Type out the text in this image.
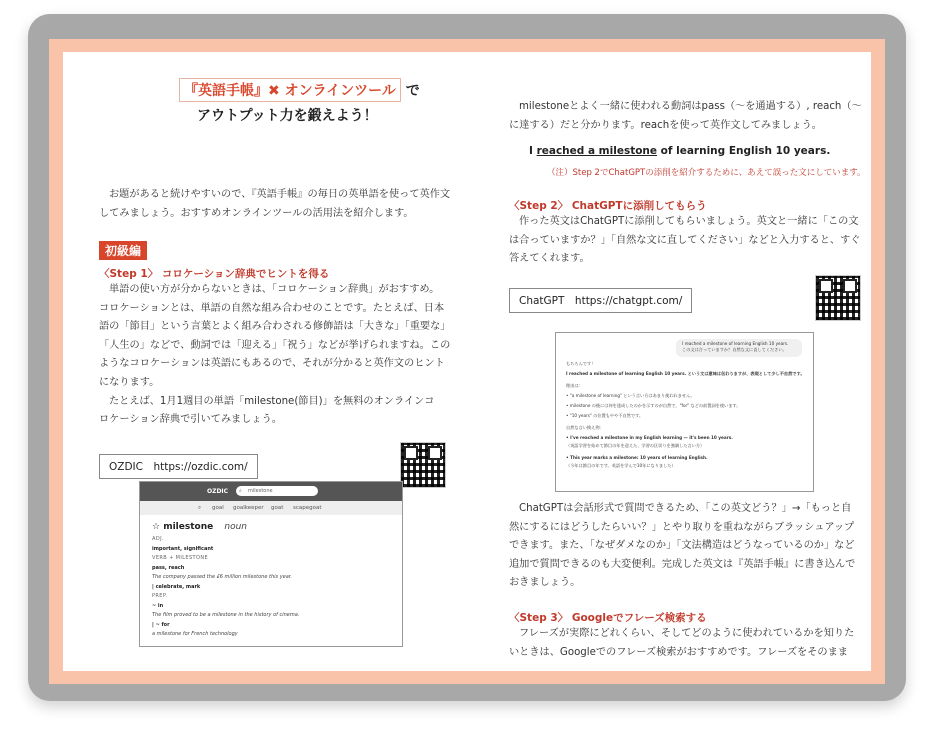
『英語手帳』✖ オンラインツール で
アウトプット力を鍛えよう！
お題があると続けやすいので、『英語手帳』の毎日の英単語を使って英作文
してみましょう。おすすめオンラインツールの活用法を紹介します。
初級編
〈Step 1〉 コロケーション辞典でヒントを得る
単語の使い方が分からないときは、「コロケーション辞典」がおすすめ。
コロケーションとは、単語の自然な組み合わせのことです。たとえば、日本
語の「節目」という言葉とよく組み合わされる修飾語は「大きな」「重要な」
「人生の」などで、動詞では「迎える」「祝う」などが挙げられますね。この
ようなコロケーションは英語にもあるので、それが分かると英作文のヒント
になります。
たとえば、1月1週目の単語「milestone(節目)」を無料のオンラインコ
ロケーション辞典で引いてみましょう。
OZDIC　https://ozdic.com/
OZDIC ⌕ milestone
⌕ goal goalkeeper goat scapegoat
☆ milestone noun
ADJ.
important, significant
VERB + MILESTONE
pass, reach
The company passed the £6 million milestone this year.
| celebrate, mark
PREP.
~ in
The film proved to be a milestone in the history of cinema.
| ~ for
a milestone for French technology
milestoneとよく一緒に使われる動詞はpass（〜を通過する）, reach（〜
に達する）だと分かります。reachを使って英作文してみましょう。
I reached a milestone of learning English 10 years.
（注）Step 2でChatGPTの添削を紹介するために、あえて誤った文にしています。
〈Step 2〉 ChatGPTに添削してもらう
作った英文はChatGPTに添削してもらいましょう。英文と一緒に「この文
は合っていますか？」「自然な文に直してください」などと入力すると、すぐ
答えてくれます。
ChatGPT　https://chatgpt.com/
I reached a milestone of learning English 10 years.
この文は合っていますか？自然な文に直してください。
もちろんです！
I reached a milestone of learning English 10 years. という文は意味は伝わりますが、表現として少し不自然です。
理由は：
• "a milestone of learning" という言い方はあまり使われません。
• milestone の後には何を達成したのかを示すのが自然で、"for" などの前置詞を使います。
• "10 years" の位置もやや不自然です。
自然な言い換え例：
• I've reached a milestone in my English learning — it's been 10 years.
（英語学習を始めて節目の年を迎えた、学習の区切りを強調した言い方）
• This year marks a milestone: 10 years of learning English.
（今年は節目の年です。英語を学んで10年になりました）
ChatGPTは会話形式で質問できるため、「この英文どう？」→「もっと自
然にするにはどうしたらいい？」とやり取りを重ねながらブラッシュアップ
できます。また、「なぜダメなのか」「文法構造はどうなっているのか」など
追加で質問できるのも大変便利。完成した英文は『英語手帳』に書き込んで
おきましょう。
〈Step 3〉 Googleでフレーズ検索する
フレーズが実際にどれくらい、そしてどのように使われているかを知りた
いときは、Googleでのフレーズ検索がおすすめです。フレーズをそのまま
